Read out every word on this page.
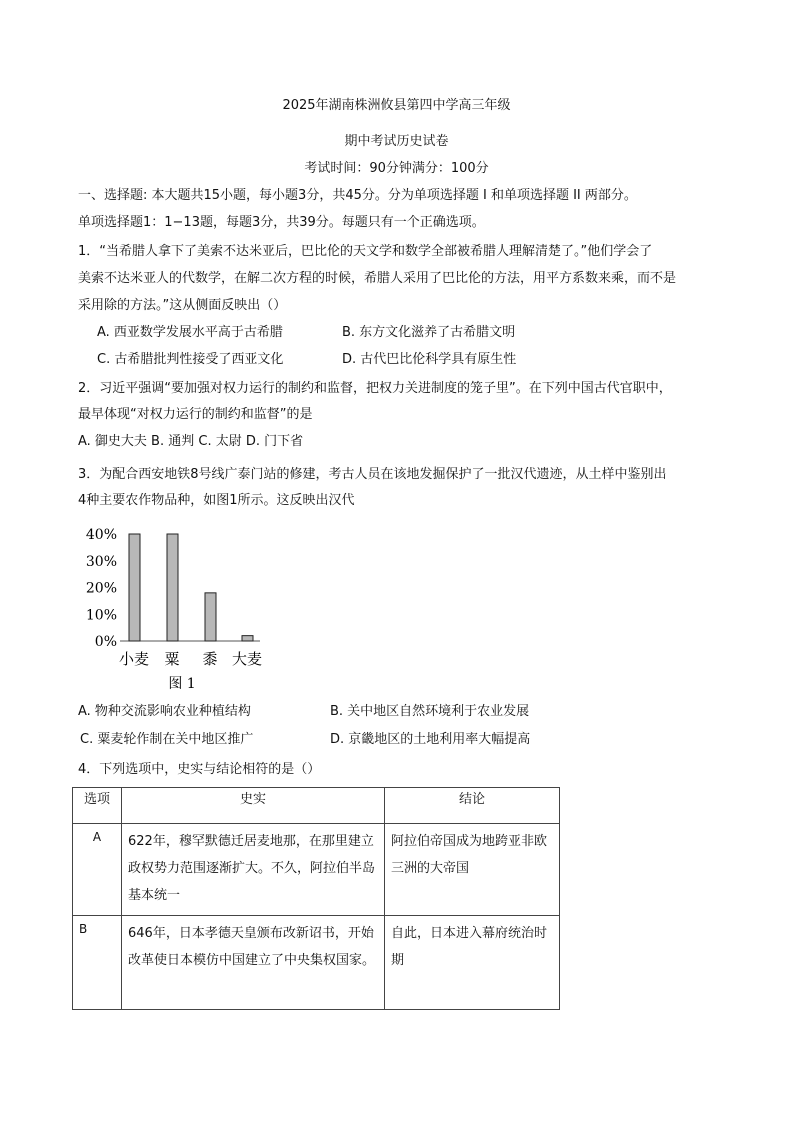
2025年湖南株洲攸县第四中学高三年级
期中考试历史试卷
考试时间：90分钟满分：100分
一、选择题: 本大题共15小题，每小题3分，共45分。分为单项选择题 I 和单项选择题 II 两部分。
单项选择题1：1−13题，每题3分，共39分。每题只有一个正确选项。
1．“当希腊人拿下了美索不达米亚后，巴比伦的天文学和数学全部被希腊人理解清楚了。”他们学会了
美索不达米亚人的代数学，在解二次方程的时候，希腊人采用了巴比伦的方法，用平方系数来乘，而不是
采用除的方法。”这从侧面反映出（）
A. 西亚数学发展水平高于古希腊	B. 东方文化滋养了古希腊文明
C. 古希腊批判性接受了西亚文化	D. 古代巴比伦科学具有原生性
2．习近平强调“要加强对权力运行的制约和监督，把权力关进制度的笼子里”。在下列中国古代官职中，
最早体现“对权力运行的制约和监督”的是
A. 御史大夫 B. 通判 C. 太尉 D. 门下省
3．为配合西安地铁8号线广泰门站的修建，考古人员在该地发掘保护了一批汉代遗迹，从土样中鉴别出
4种主要农作物品种，如图1所示。这反映出汉代
40%
30%
20%
10%
0%
小麦 粟 黍 大麦
图 1
A. 物种交流影响农业种植结构	B. 关中地区自然环境利于农业发展
C. 粟麦轮作制在关中地区推广	D. 京畿地区的土地利用率大幅提高
4．下列选项中，史实与结论相符的是（）
选项	史实	结论
A	622年，穆罕默德迁居麦地那，在那里建立政权势力范围逐渐扩大。不久，阿拉伯半岛基本统一	阿拉伯帝国成为地跨亚非欧三洲的大帝国

B	646年，日本孝德天皇颁布改新诏书，开始改革使日本模仿中国建立了中央集权国家。	自此，日本进入幕府统治时期
